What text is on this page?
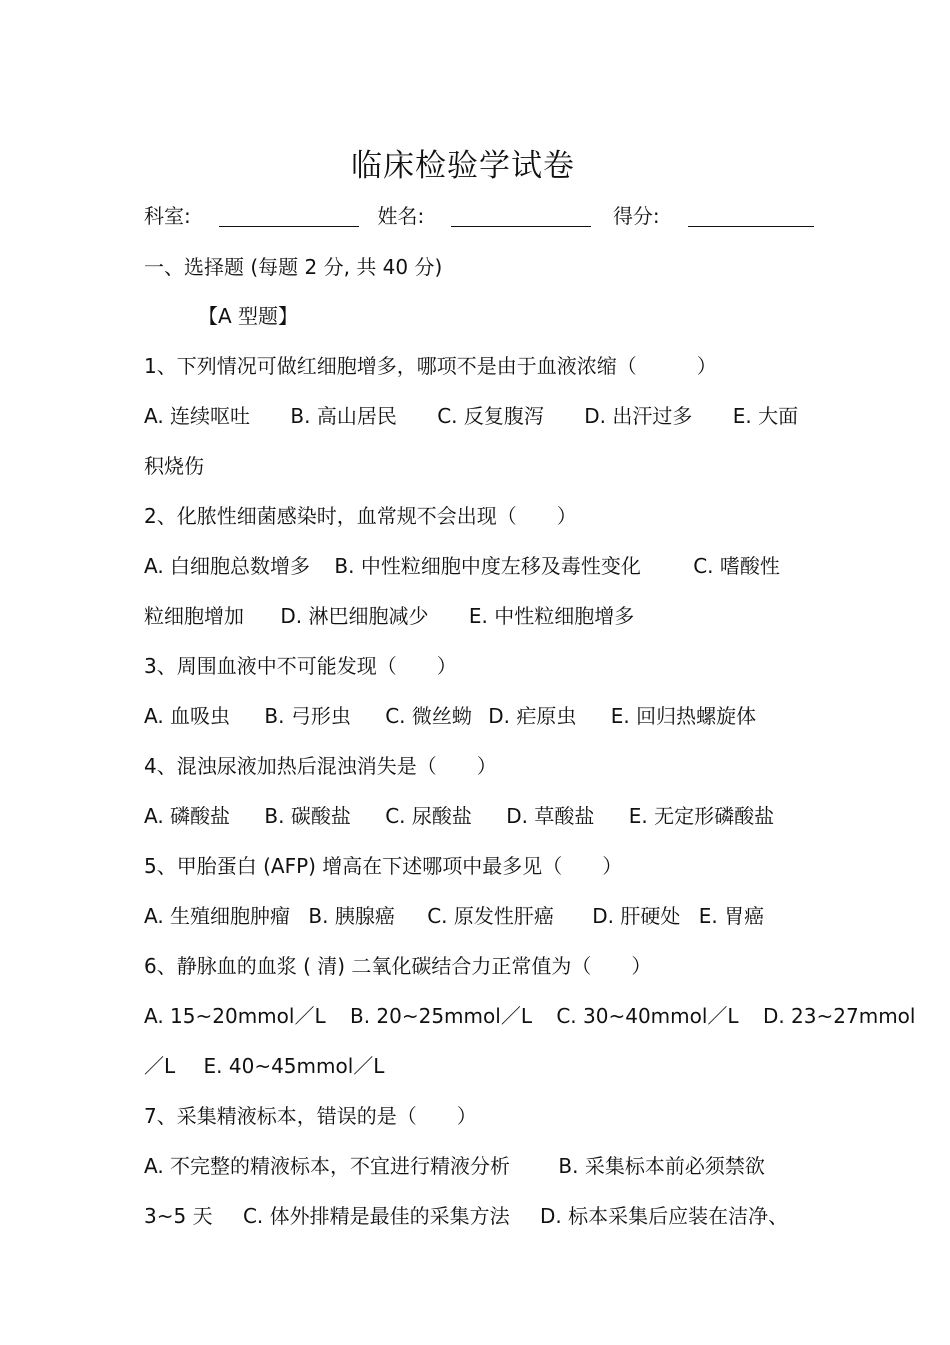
临床检验学试卷
科室:	姓名:	得分:
一、选择题 (每题 2 分, 共 40 分)
【A 型题】
1、下列情况可做红细胞增多，哪项不是由于血液浓缩（　　　）
A. 连续呕吐 B. 高山居民 C. 反复腹泻 D. 出汗过多 E. 大面
积烧伤
2、化脓性细菌感染时，血常规不会出现（　　）
A. 白细胞总数增多 B. 中性粒细胞中度左移及毒性变化	C. 嗜酸性
粒细胞增加 D. 淋巴细胞减少 E. 中性粒细胞增多
3、周围血液中不可能发现（　　）
A. 血吸虫 B. 弓形虫 C. 微丝蚴 D. 疟原虫 E. 回归热螺旋体
4、混浊尿液加热后混浊消失是（　　）
A. 磷酸盐 B. 碳酸盐 C. 尿酸盐 D. 草酸盐 E. 无定形磷酸盐
5、甲胎蛋白 (AFP) 增高在下述哪项中最多见（　　）
A. 生殖细胞肿瘤 B. 胰腺癌 C. 原发性肝癌 D. 肝硬处 E. 胃癌
6、静脉血的血浆 ( 清) 二氧化碳结合力正常值为（　　）
A. 15~20mmol／L B. 20~25mmol／L C. 30~40mmol／L D. 23~27mmol
／L E. 40~45mmol／L
7、采集精液标本，错误的是（　　）
A. 不完整的精液标本，不宜进行精液分析 B. 采集标本前必须禁欲
3~5 天 C. 体外排精是最佳的采集方法 D. 标本采集后应装在洁净、
